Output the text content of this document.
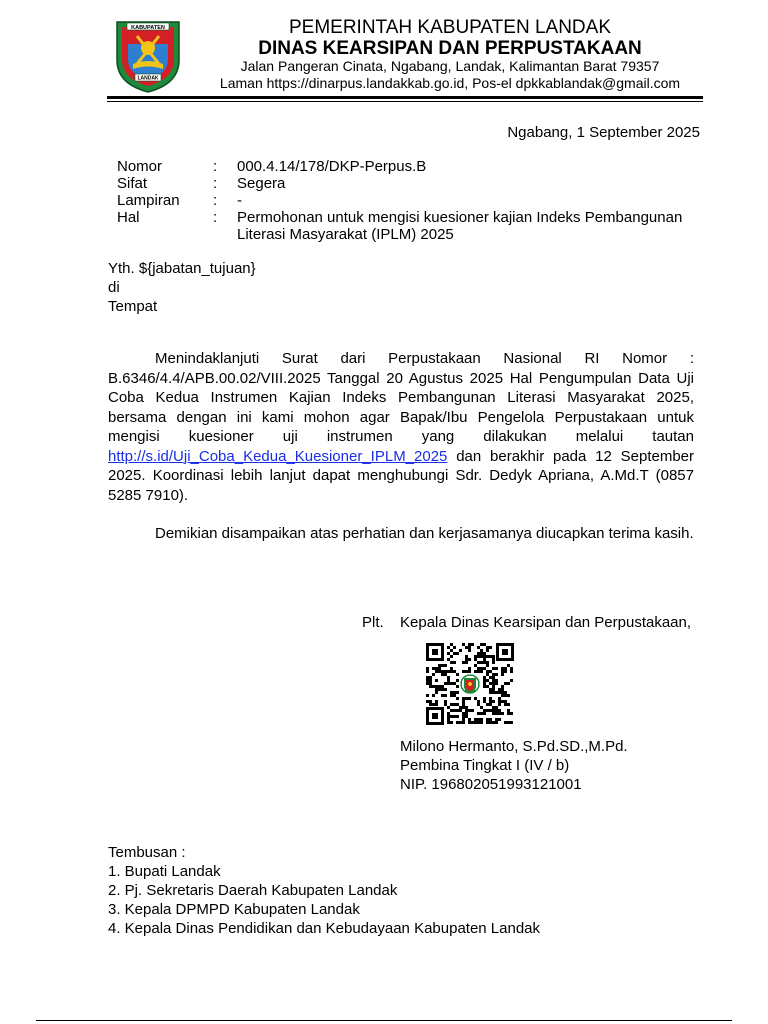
KABUPATEN
LANDAK
PEMERINTAH KABUPATEN LANDAK
DINAS KEARSIPAN DAN PERPUSTAKAAN
Jalan Pangeran Cinata, Ngabang, Landak, Kalimantan Barat 79357
Laman https://dinarpus.landakkab.go.id, Pos-el dpkkablandak@gmail.com
Ngabang, 1 September 2025
Nomor	:	000.4.14/178/DKP-Perpus.B
Sifat	:	Segera
Lampiran	:	-
Hal	:	Permohonan untuk mengisi kuesioner kajian Indeks Pembangunan Literasi Masyarakat (IPLM) 2025
Yth. ${jabatan_tujuan}
di
Tempat
Menindaklanjuti Surat dari Perpustakaan Nasional RI Nomor : B.6346/4.4/APB.00.02/VIII.2025 Tanggal 20 Agustus 2025 Hal Pengumpulan Data Uji Coba Kedua Instrumen Kajian Indeks Pembangunan Literasi Masyarakat 2025, bersama dengan ini kami mohon agar Bapak/Ibu Pengelola Perpustakaan untuk mengisi kuesioner uji instrumen yang dilakukan melalui tautan http://s.id/Uji_Coba_Kedua_Kuesioner_IPLM_2025 dan berakhir pada 12 September 2025. Koordinasi lebih lanjut dapat menghubungi Sdr. Dedyk Apriana, A.Md.T (0857 5285 7910).
Demikian disampaikan atas perhatian dan kerjasamanya diucapkan terima kasih.
Plt. Kepala Dinas Kearsipan dan Perpustakaan,
Milono Hermanto, S.Pd.SD.,M.Pd.
Pembina Tingkat I (IV / b)
NIP. 196802051993121001
Tembusan :
1. Bupati Landak
2. Pj. Sekretaris Daerah Kabupaten Landak
3. Kepala DPMPD Kabupaten Landak
4. Kepala Dinas Pendidikan dan Kebudayaan Kabupaten Landak
